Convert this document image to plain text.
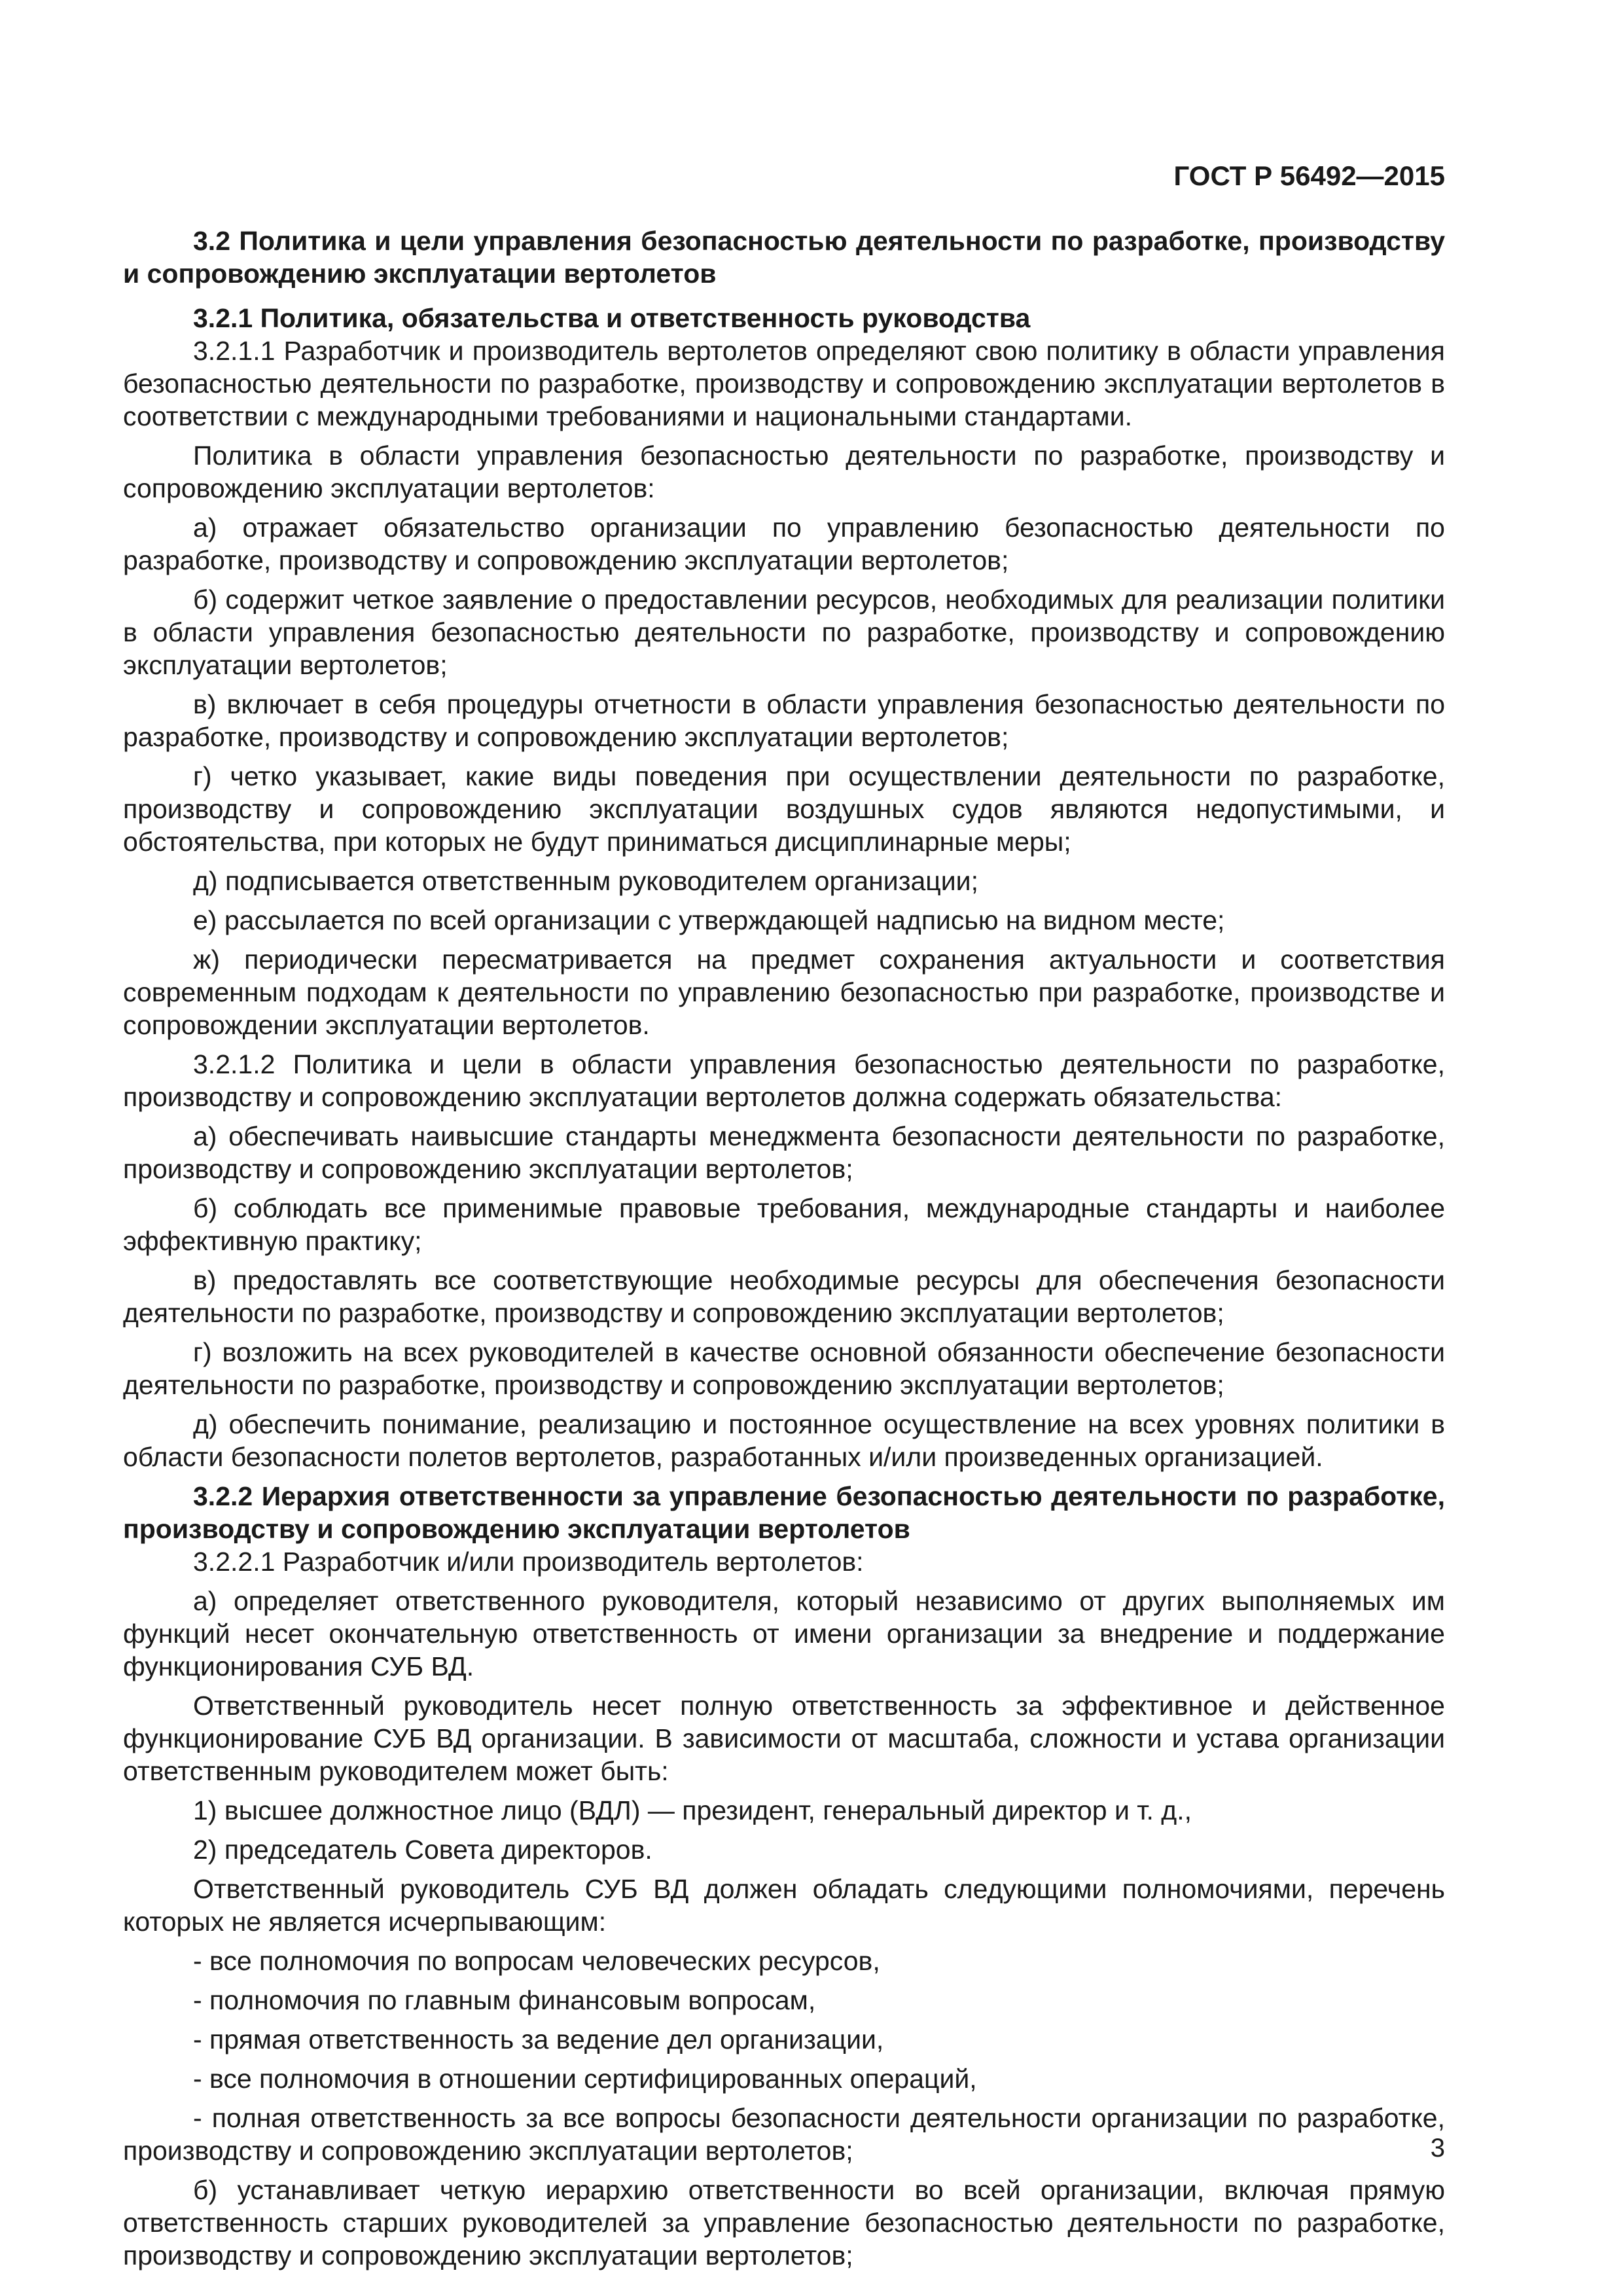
ГОСТ Р 56492—2015
3.2 Политика и цели управления безопасностью деятельности по разработке, производству и сопровождению эксплуатации вертолетов
3.2.1 Политика, обязательства и ответственность руководства
3.2.1.1 Разработчик и производитель вертолетов определяют свою политику в области управления безопасностью деятельности по разработке, производству и сопровождению эксплуатации вертолетов в соответствии с международными требованиями и национальными стандартами.
Политика в области управления безопасностью деятельности по разработке, производству и сопровождению эксплуатации вертолетов:
а) отражает обязательство организации по управлению безопасностью деятельности по разработке, производству и сопровождению эксплуатации вертолетов;
б) содержит четкое заявление о предоставлении ресурсов, необходимых для реализации политики в области управления безопасностью деятельности по разработке, производству и сопровождению эксплуатации вертолетов;
в) включает в себя процедуры отчетности в области управления безопасностью деятельности по разработке, производству и сопровождению эксплуатации вертолетов;
г) четко указывает, какие виды поведения при осуществлении деятельности по разработке, производству и сопровождению эксплуатации воздушных судов являются недопустимыми, и обстоятельства, при которых не будут приниматься дисциплинарные меры;
д) подписывается ответственным руководителем организации;
е) рассылается по всей организации с утверждающей надписью на видном месте;
ж) периодически пересматривается на предмет сохранения актуальности и соответствия современным подходам к деятельности по управлению безопасностью при разработке, производстве и сопровождении эксплуатации вертолетов.
3.2.1.2 Политика и цели в области управления безопасностью деятельности по разработке, производству и сопровождению эксплуатации вертолетов должна содержать обязательства:
а) обеспечивать наивысшие стандарты менеджмента безопасности деятельности по разработке, производству и сопровождению эксплуатации вертолетов;
б) соблюдать все применимые правовые требования, международные стандарты и наиболее эффективную практику;
в) предоставлять все соответствующие необходимые ресурсы для обеспечения безопасности деятельности по разработке, производству и сопровождению эксплуатации вертолетов;
г) возложить на всех руководителей в качестве основной обязанности обеспечение безопасности деятельности по разработке, производству и сопровождению эксплуатации вертолетов;
д) обеспечить понимание, реализацию и постоянное осуществление на всех уровнях политики в области безопасности полетов вертолетов, разработанных и/или произведенных организацией.
3.2.2 Иерархия ответственности за управление безопасностью деятельности по разработке, производству и сопровождению эксплуатации вертолетов
3.2.2.1 Разработчик и/или производитель вертолетов:
а) определяет ответственного руководителя, который независимо от других выполняемых им функций несет окончательную ответственность от имени организации за внедрение и поддержание функционирования СУБ ВД.
Ответственный руководитель несет полную ответственность за эффективное и действенное функционирование СУБ ВД организации. В зависимости от масштаба, сложности и устава организации ответственным руководителем может быть:
1) высшее должностное лицо (ВДЛ) — президент, генеральный директор и т. д.,
2) председатель Совета директоров.
Ответственный руководитель СУБ ВД должен обладать следующими полномочиями, перечень которых не является исчерпывающим:
- все полномочия по вопросам человеческих ресурсов,
- полномочия по главным финансовым вопросам,
- прямая ответственность за ведение дел организации,
- все полномочия в отношении сертифицированных операций,
- полная ответственность за все вопросы безопасности деятельности организации по разработке, производству и сопровождению эксплуатации вертолетов;
б) устанавливает четкую иерархию ответственности во всей организации, включая прямую ответственность старших руководителей за управление безопасностью деятельности по разработке, производству и сопровождению эксплуатации вертолетов;
3
